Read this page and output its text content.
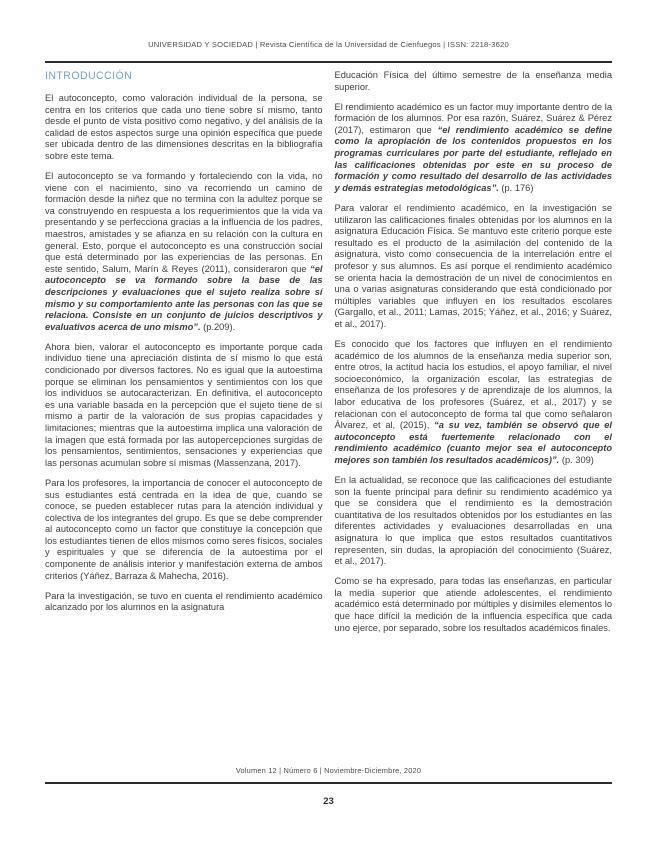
UNIVERSIDAD Y SOCIEDAD | Revista Científica de la Universidad de Cienfuegos | ISSN: 2218-3620
INTRODUCCIÓN

El autoconcepto, como valoración individual de la persona, se centra en los criterios que cada uno tiene sobre sí mismo, tanto desde el punto de vista positivo como negativo, y del análisis de la calidad de estos aspectos surge una opinión específica que puede ser ubicada dentro de las dimensiones descritas en la bibliografía sobre este tema.

El autoconcepto se va formando y fortaleciendo con la vida, no viene con el nacimiento, sino va recorriendo un camino de formación desde la niñez que no termina con la adultez porque se va construyendo en respuesta a los requerimientos que la vida va presentando y se perfecciona gracias a la influencia de los padres, maestros, amistades y se afianza en su relación con la cultura en general. Esto, porque el autoconcepto es una construcción social que está determinado por las experiencias de las personas. En este sentido, Salum, Marín & Reyes (2011), consideraron que “el autoconcepto se va formando sobre la base de las descripciones y evaluaciones que el sujeto realiza sobre sí mismo y su comportamiento ante las personas con las que se relaciona. Consiste en un conjunto de juicios descriptivos y evaluativos acerca de uno mismo”. (p.209).

Ahora bien, valorar el autoconcepto es importante porque cada individuo tiene una apreciación distinta de sí mismo lo que está condicionado por diversos factores. No es igual que la autoestima porque se eliminan los pensamientos y sentimientos con los que los individuos se autocaracterizan. En definitiva, el autoconcepto es una variable basada en la percepción que el sujeto tiene de sí mismo a partir de la valoración de sus propias capacidades y limitaciones; mientras que la autoestima implica una valoración de la imagen que está formada por las autopercepciones surgidas de los pensamientos, sentimientos, sensaciones y experiencias que las personas acumulan sobre sí mismas (Massenzana, 2017).

Para los profesores, la importancia de conocer el autoconcepto de sus estudiantes está centrada en la idea de que, cuando se conoce, se pueden establecer rutas para la atención individual y colectiva de los integrantes del grupo. Es que se debe comprender al autoconcepto como un factor que constituye la concepción que los estudiantes tienen de ellos mismos como seres físicos, sociales y espirituales y que se diferencia de la autoestima por el componente de análisis interior y manifestación externa de ambos criterios (Yáñez, Barraza & Mahecha, 2016).

Para la investigación, se tuvo en cuenta el rendimiento académico alcanzado por los alumnos en la asignatura

Educación Física del último semestre de la enseñanza media superior.

El rendimiento académico es un factor muy importante dentro de la formación de los alumnos. Por esa razón, Suárez, Suárez & Pérez (2017), estimaron que “el rendimiento académico se define como la apropiación de los contenidos propuestos en los programas curriculares por parte del estudiante, reflejado en las calificaciones obtenidas por este en su proceso de formación y como resultado del desarrollo de las actividades y demás estrategias metodológicas”. (p. 176)

Para valorar el rendimiento académico, en la investigación se utilizaron las calificaciones finales obtenidas por los alumnos en la asignatura Educación Física. Se mantuvo este criterio porque este resultado es el producto de la asimilación del contenido de la asignatura, visto como consecuencia de la interrelación entre el profesor y sus alumnos. Es así porque el rendimiento académico se orienta hacia la demostración de un nivel de conocimientos en una o varias asignaturas considerando que está condicionado por múltiples variables que influyen en los resultados escolares (Gargallo, et al., 2011; Lamas, 2015; Yáñez, et al., 2016; y Suárez, et al., 2017).

Es conocido que los factores que influyen en el rendimiento académico de los alumnos de la enseñanza media superior son, entre otros, la actitud hacia los estudios, el apoyo familiar, el nivel socioeconómico, la organización escolar, las estrategias de enseñanza de los profesores y de aprendizaje de los alumnos, la labor educativa de los profesores (Suárez, et al., 2017) y se relacionan con el autoconcepto de forma tal que como señalaron Álvarez, et al, (2015), “a su vez, también se observó que el autoconcepto está fuertemente relacionado con el rendimiento académico (cuanto mejor sea el autoconcepto mejores son también los resultados académicos)”. (p. 309)

En la actualidad, se reconoce que las calificaciones del estudiante son la fuente principal para definir su rendimiento académico ya que se considera que el rendimiento es la demostración cuantitativa de los resultados obtenidos por los estudiantes en las diferentes actividades y evaluaciones desarrolladas en una asignatura lo que implica que estos resultados cuantitativos representen, sin dudas, la apropiación del conocimiento (Suárez, et al., 2017).

Como se ha expresado, para todas las enseñanzas, en particular la media superior que atiende adolescentes, el rendimiento académico está determinado por múltiples y disímiles elementos lo que hace difícil la medición de la influencia específica que cada uno ejerce, por separado, sobre los resultados académicos finales.

Volumen 12 | Número 6 | Noviembre-Diciembre, 2020
23
